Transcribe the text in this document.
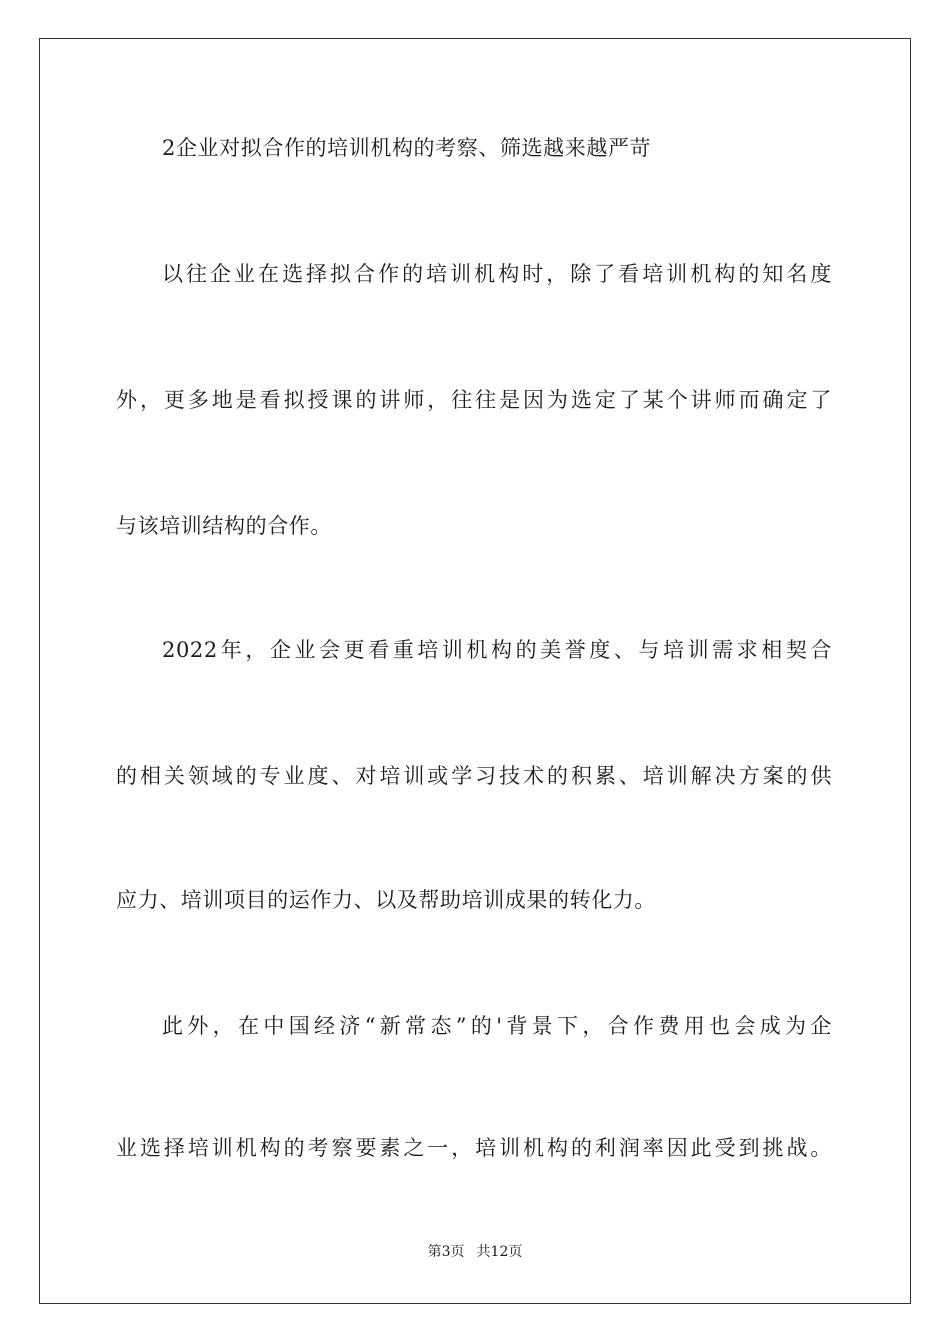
2企业对拟合作的培训机构的考察、筛选越来越严苛
以往企业在选择拟合作的培训机构时，除了看培训机构的知名度
外，更多地是看拟授课的讲师，往往是因为选定了某个讲师而确定了
与该培训结构的合作。
2022年，企业会更看重培训机构的美誉度、与培训需求相契合
的相关领域的专业度、对培训或学习技术的积累、培训解决方案的供
应力、培训项目的运作力、以及帮助培训成果的转化力。
此外，在中国经济“新常态”的'背景下，合作费用也会成为企
业选择培训机构的考察要素之一，培训机构的利润率因此受到挑战。
第3页 共12页
